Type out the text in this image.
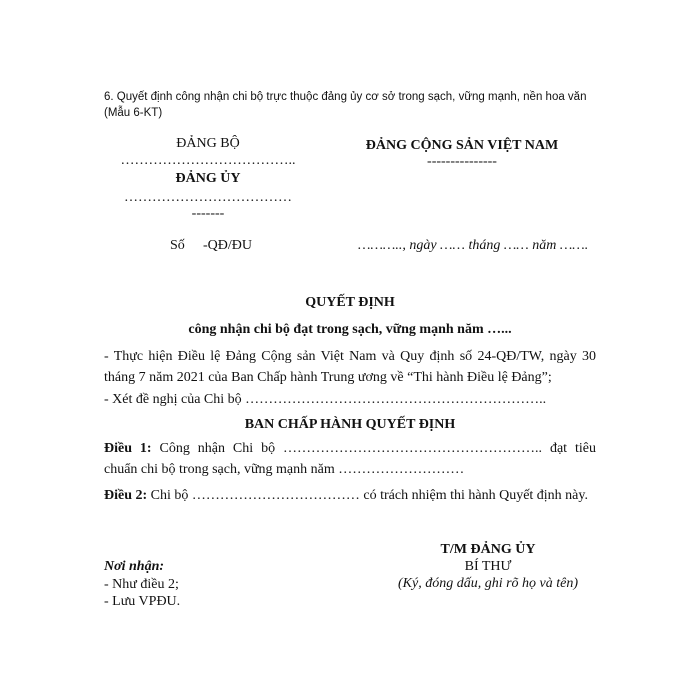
6. Quyết định công nhận chi bộ trực thuộc đảng ủy cơ sở trong sạch, vững mạnh, nền hoa văn
(Mẫu 6-KT)
ĐẢNG BỘ
………………………………..
ĐẢNG ỦY
………………………………
-------
ĐẢNG CỘNG SẢN VIỆT NAM
---------------
Số -QĐ/ĐU	……….., ngày …… tháng …… năm …….
QUYẾT ĐỊNH
công nhận chi bộ đạt trong sạch, vững mạnh năm …...
- Thực hiện Điều lệ Đảng Cộng sản Việt Nam và Quy định số 24-QĐ/TW, ngày 30 tháng 7 năm 2021 của Ban Chấp hành Trung ương về “Thi hành Điều lệ Đảng”;
- Xét đề nghị của Chi bộ ………………………………………………………..
BAN CHẤP HÀNH QUYẾT ĐỊNH
Điều 1: Công nhận Chi bộ ……………………………………………….. đạt tiêu chuẩn chi bộ trong sạch, vững mạnh năm ………………………
Điều 2: Chi bộ ……………………………… có trách nhiệm thi hành Quyết định này.
Nơi nhận:
- Như điều 2;
- Lưu VPĐU.
T/M ĐẢNG ỦY
BÍ THƯ
(Ký, đóng dấu, ghi rõ họ và tên)
